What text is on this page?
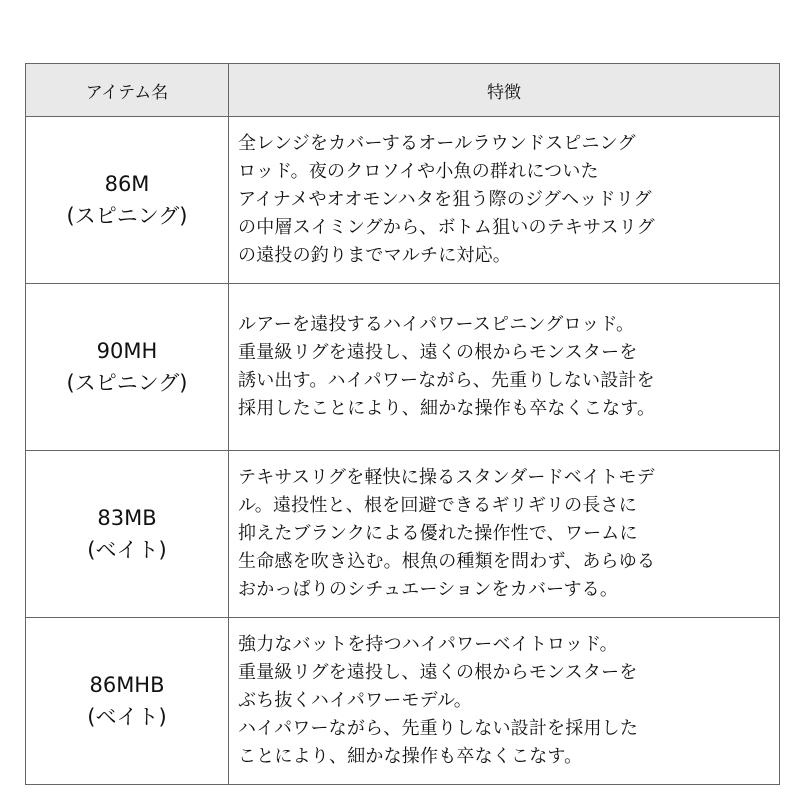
アイテム名	特徴

86M
(スピニング)	全レンジをカバーするオールラウンドスピニング
ロッド。夜のクロソイや小魚の群れについた
アイナメやオオモンハタを狙う際のジグヘッドリグ
の中層スイミングから、ボトム狙いのテキサスリグ
の遠投の釣りまでマルチに対応。

90MH
(スピニング)	ルアーを遠投するハイパワースピニングロッド。
重量級リグを遠投し、遠くの根からモンスターを
誘い出す。ハイパワーながら、先重りしない設計を
採用したことにより、細かな操作も卒なくこなす。

83MB
(ベイト)	テキサスリグを軽快に操るスタンダードベイトモデ
ル。遠投性と、根を回避できるギリギリの長さに
抑えたブランクによる優れた操作性で、ワームに
生命感を吹き込む。根魚の種類を問わず、あらゆる
おかっぱりのシチュエーションをカバーする。

86MHB
(ベイト)	強力なバットを持つハイパワーベイトロッド。
重量級リグを遠投し、遠くの根からモンスターを
ぶち抜くハイパワーモデル。
ハイパワーながら、先重りしない設計を採用した
ことにより、細かな操作も卒なくこなす。
